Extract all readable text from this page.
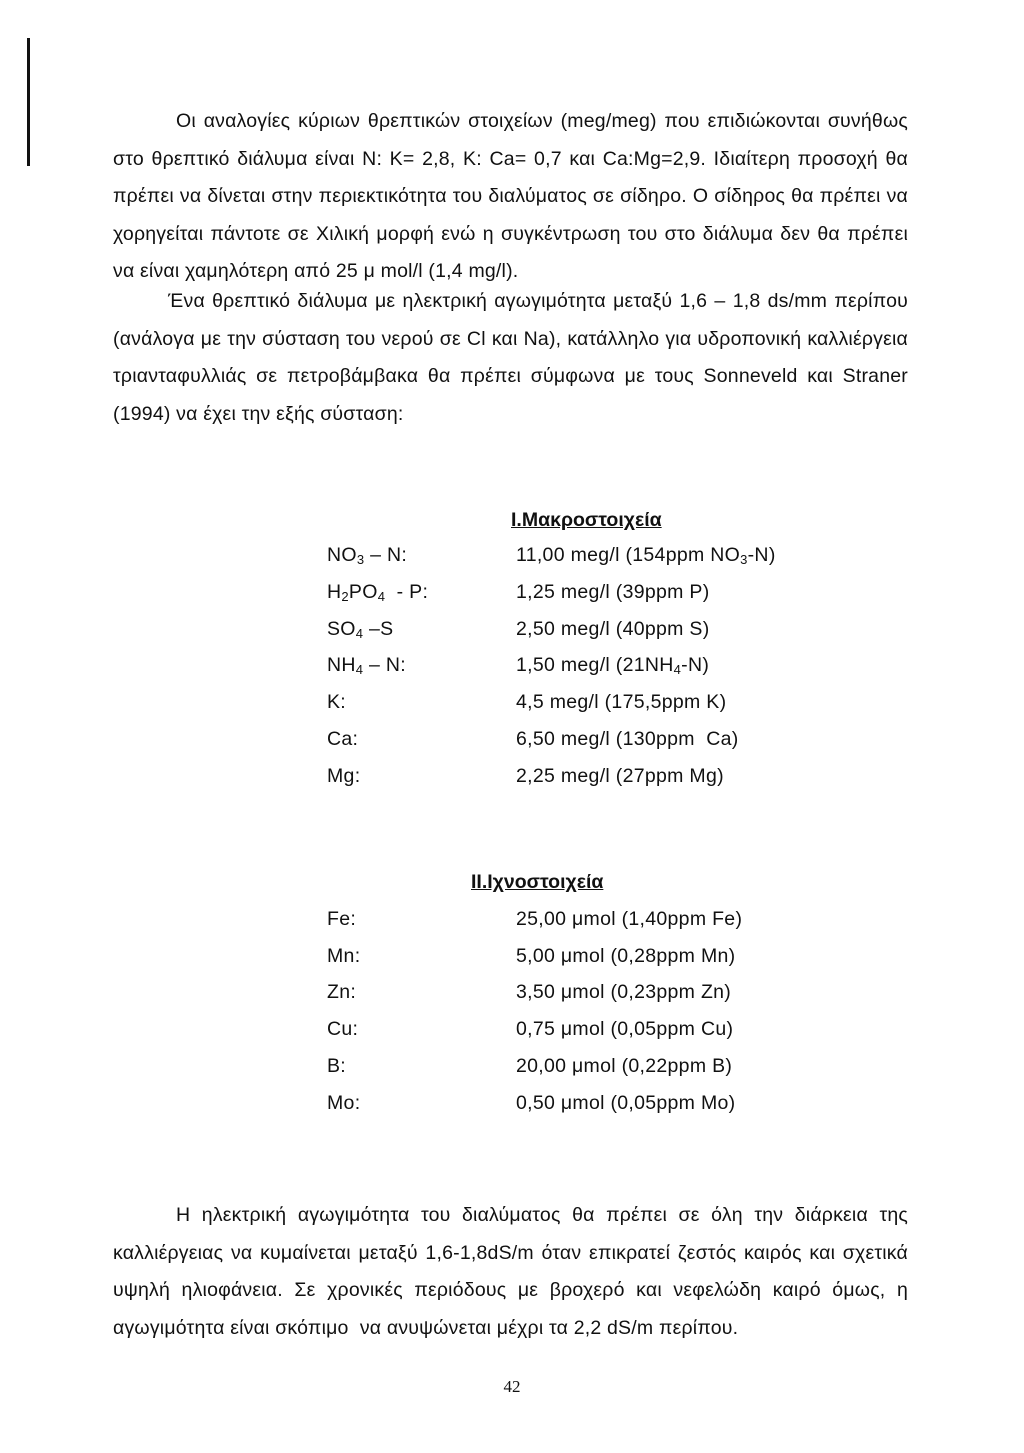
Οι αναλογίες κύριων θρεπτικών στοιχείων (meg/meg) που επιδιώκονται συνήθως στο θρεπτικό διάλυμα είναι N: K= 2,8, K: Ca= 0,7 και Ca:Mg=2,9. Ιδιαίτερη προσοχή θα πρέπει να δίνεται στην περιεκτικότητα του διαλύματος σε σίδηρο. Ο σίδηρος θα πρέπει να χορηγείται πάντοτε σε Χιλική μορφή ενώ η συγκέντρωση του στο διάλυμα δεν θα πρέπει να είναι χαμηλότερη από 25 μ mol/l (1,4 mg/l).
Ένα θρεπτικό διάλυμα με ηλεκτρική αγωγιμότητα μεταξύ 1,6 – 1,8 ds/mm περίπου (ανάλογα με την σύσταση του νερού σε Cl και Na), κατάλληλο για υδροπονική καλλιέργεια τριανταφυλλιάς σε πετροβάμβακα θα πρέπει σύμφωνα με τους Sonneveld και Straner (1994) να έχει την εξής σύσταση:
I.Μακροστοιχεία
$NO_3$ – N:	11,00 meg/l (154ppm $NO_3-N$)
$H_2PO_4$  - P:	1,25 meg/l (39ppm P)
$SO_4$ –S	2,50 meg/l (40ppm S)
$NH_4$ – N:	1,50 meg/l $(21NH_4-N)$
K:	4,5 meg/l (175,5ppm K)
Ca:	6,50 meg/l (130ppm  Ca)
Mg:	2,25 meg/l (27ppm Mg)
II.Ιχνοστοιχεία
Fe:	25,00 μmol (1,40ppm Fe)
Mn:	5,00 μmol (0,28ppm Mn)
Zn:	3,50 μmol (0,23ppm Zn)
Cu:	0,75 μmol (0,05ppm Cu)
B:	20,00 μmol (0,22ppm B)
Mo:	0,50 μmol (0,05ppm Mo)
Η ηλεκτρική αγωγιμότητα του διαλύματος θα πρέπει σε όλη την διάρκεια της καλλιέργειας να κυμαίνεται μεταξύ 1,6-1,8dS/m όταν επικρατεί ζεστός καιρός και σχετικά υψηλή ηλιοφάνεια. Σε χρονικές περιόδους με βροχερό και νεφελώδη καιρό όμως, η αγωγιμότητα είναι σκόπιμο  να ανυψώνεται μέχρι τα 2,2 dS/m περίπου.
42
